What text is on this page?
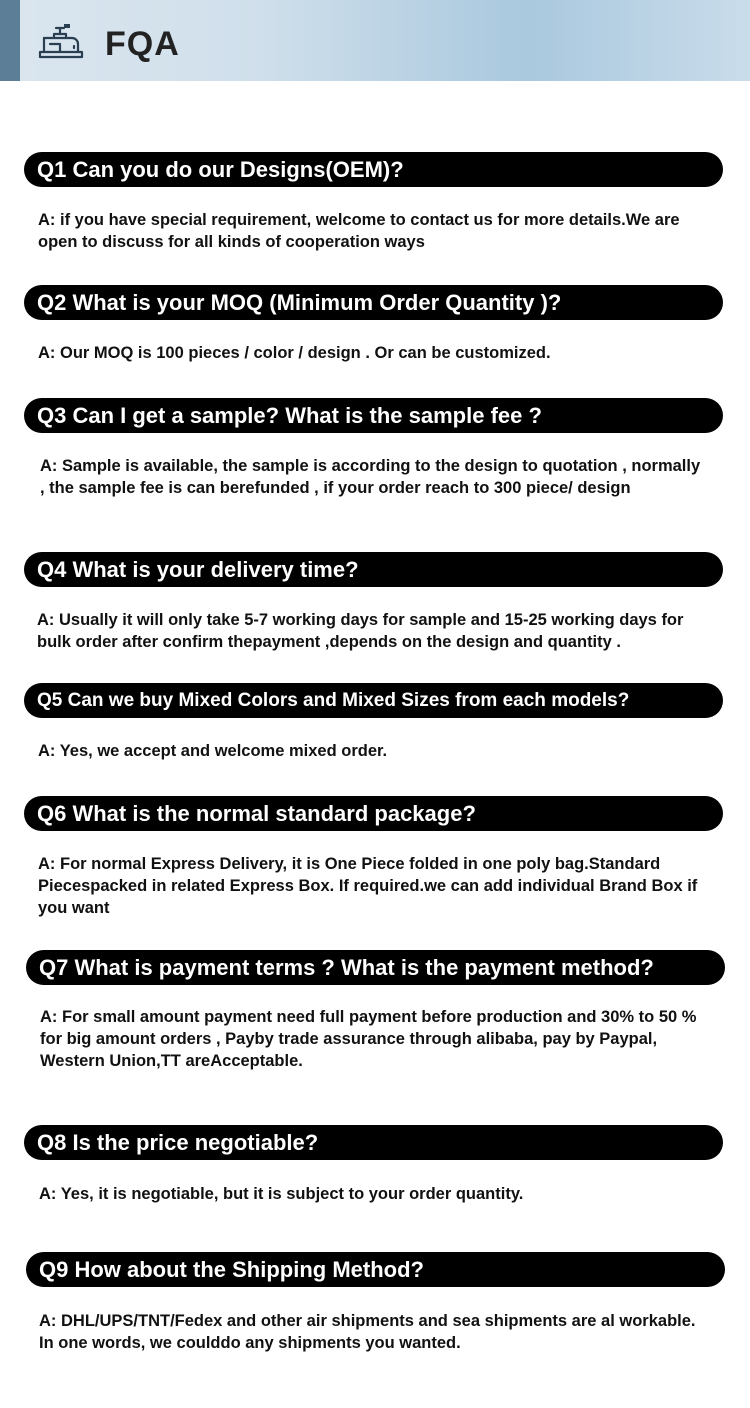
FQA
Q1 Can you do our Designs(OEM)?
A: if you have special requirement, welcome to contact us for more details.We are open to discuss for all kinds of cooperation ways
Q2 What is your MOQ (Minimum Order Quantity )?
A: Our MOQ is 100 pieces / color / design . Or can be customized.
Q3 Can I get a sample? What is the sample fee ?
A: Sample is available, the sample is according to the design to quotation , normally , the sample fee is can berefunded , if your order reach to 300 piece/ design
Q4 What is your delivery time?
A: Usually it will only take 5-7 working days for sample and 15-25 working days for bulk order after confirm thepayment ,depends on the design and quantity .
Q5 Can we buy Mixed Colors and Mixed Sizes from each models?
A: Yes, we accept and welcome mixed order.
Q6 What is the normal standard package?
A: For normal Express Delivery, it is One Piece folded in one poly bag.Standard Piecespacked in related Express Box. If required.we can add individual Brand Box if you want
Q7 What is payment terms ? What is the payment method?
A: For small amount payment need full payment before production and 30% to 50 % for big amount orders , Payby trade assurance through alibaba, pay by Paypal, Western Union,TT areAcceptable.
Q8 Is the price negotiable?
A: Yes, it is negotiable, but it is subject to your order quantity.
Q9 How about the Shipping Method?
A: DHL/UPS/TNT/Fedex and other air shipments and sea shipments are al workable. In one words, we coulddo any shipments you wanted.
